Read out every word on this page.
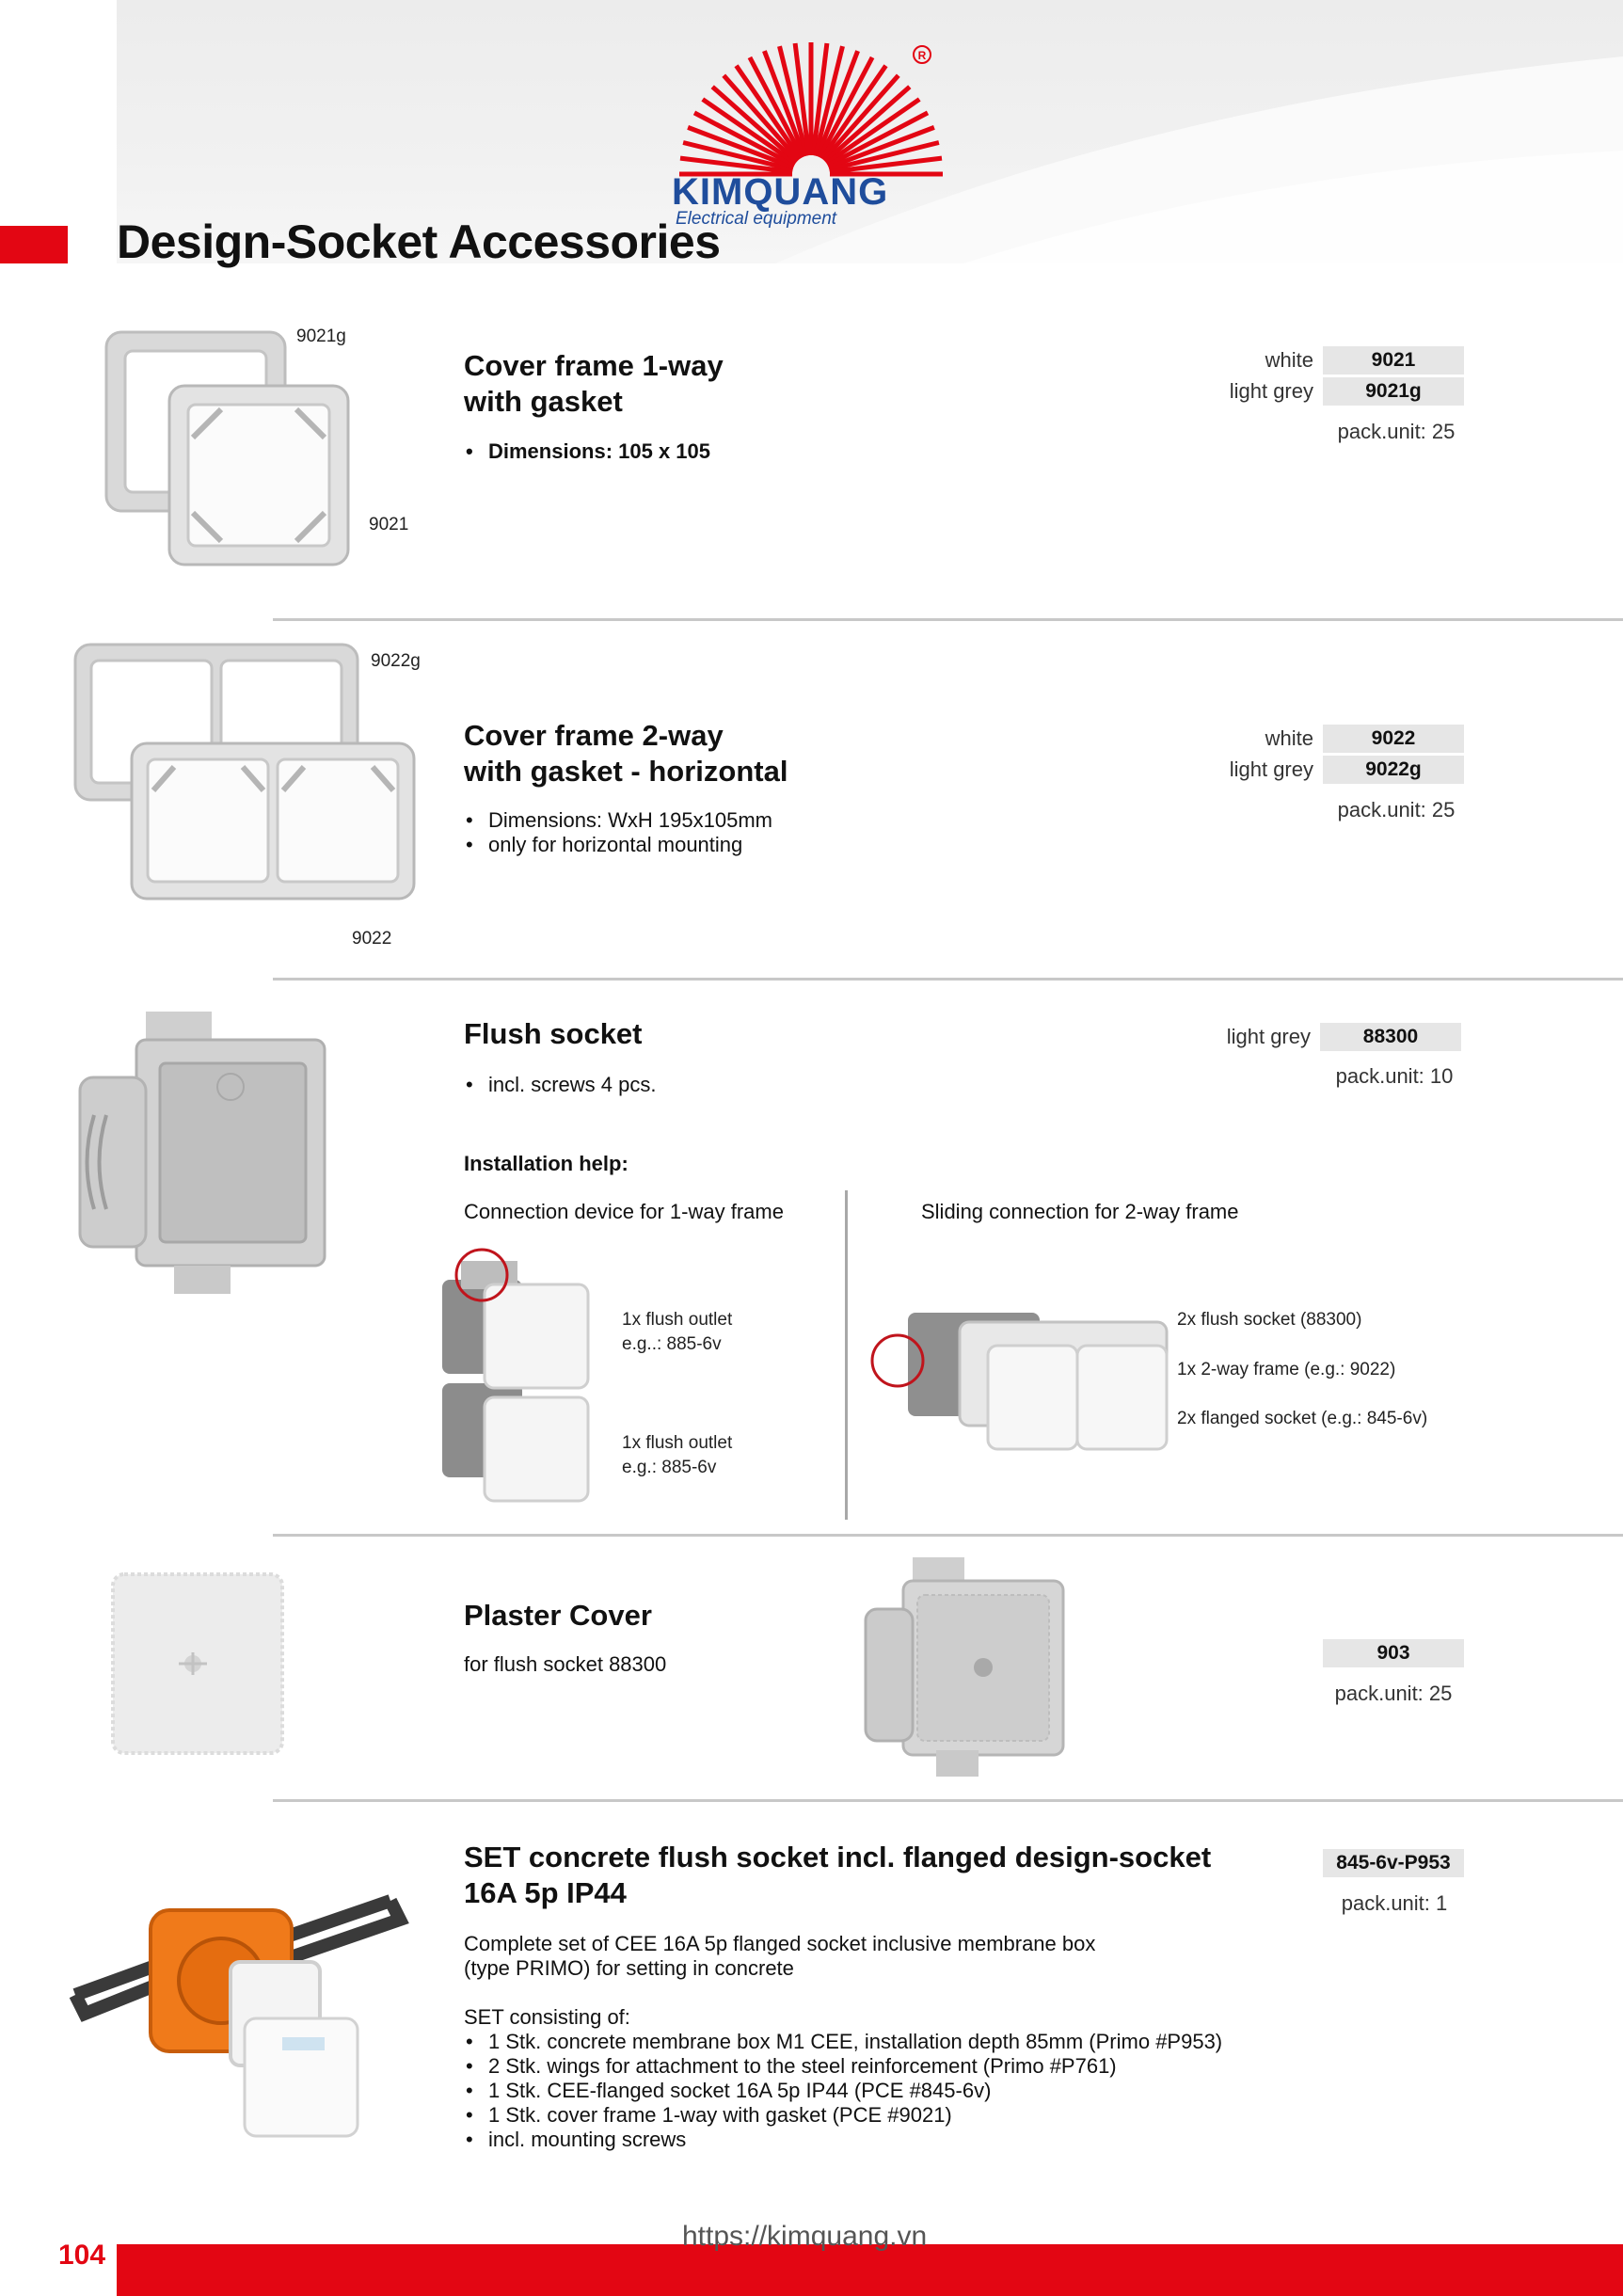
R
KIMQUANG
Electrical equipment
Design-Socket Accessories
9021g
9021
Cover frame 1-way
with gasket
• Dimensions: 105 x 105
white	9021
light grey	9021g
pack.unit: 25
9022g
9022
Cover frame 2-way
with gasket - horizontal
• Dimensions: WxH 195x105mm
• only for horizontal mounting
white	9022
light grey	9022g
pack.unit: 25
Flush socket
• incl. screws 4 pcs.
light grey	88300
pack.unit: 10
Installation help:
Connection device for 1-way frame	Sliding connection for 2-way frame
1x flush outlet
e.g..: 885-6v
1x flush outlet
e.g.: 885-6v
2x flush socket (88300)
1x 2-way frame (e.g.: 9022)
2x flanged socket (e.g.: 845-6v)
Plaster Cover
for flush socket 88300	903
pack.unit: 25
SET concrete flush socket incl. flanged design-socket
16A 5p IP44
Complete set of CEE 16A 5p flanged socket inclusive membrane box
(type PRIMO) for setting in concrete
SET consisting of:
• 1 Stk. concrete membrane box M1 CEE, installation depth 85mm (Primo #P953)
• 2 Stk. wings for attachment to the steel reinforcement (Primo #P761)
• 1 Stk. CEE-flanged socket 16A 5p IP44 (PCE #845-6v)
• 1 Stk. cover frame 1-way with gasket (PCE #9021)
• incl. mounting screws
845-6v-P953
pack.unit: 1
104
https://kimquang.vn
